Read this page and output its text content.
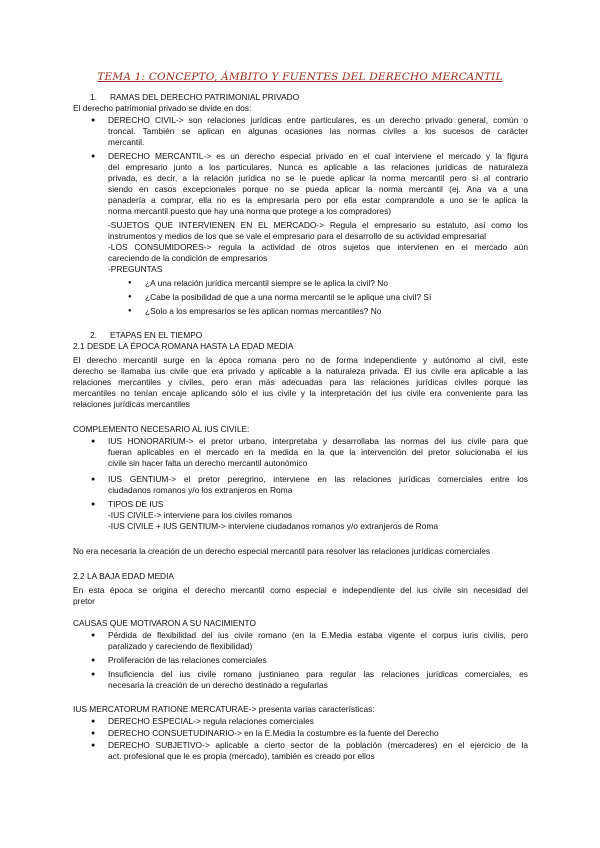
TEMA 1: CONCEPTO, ÁMBITO Y FUENTES DEL DERECHO MERCANTIL
1. RAMAS DEL DERECHO PATRIMONIAL PRIVADO
El derecho patrimonial privado se divide en dos:
● DERECHO CIVIL-> son relaciones jurídicas entre particulares, es un derecho privado general, común o
troncal. También se aplican en algunas ocasiones las normas civiles a los sucesos de carácter
mercantil.
● DERECHO MERCANTIL-> es un derecho especial privado en el cual interviene el mercado y la figura
del empresario junto a los particulares. Nunca es aplicable a las relaciones jurídicas de naturaleza
privada, es decir, a la relación jurídica no se le puede aplicar la norma mercantil pero sí al contrario
siendo en casos excepcionales porque no se pueda aplicar la norma mercantil (ej. Ana va a una
panadería a comprar, ella no es la empresaria pero por ella estar comprandole a uno se le aplica la
norma mercantil puesto que hay una norma que protege a los compradores)
-SUJETOS QUE INTERVIENEN EN EL MERCADO-> Regula el empresario su estatuto, así como los
instrumentos y medios de los que se vale el empresario para el desarrollo de su actividad empresarial
-LOS CONSUMIDORES-> regula la actividad de otros sujetos que intervienen en el mercado aún
careciendo de la condición de empresarios
-PREGUNTAS
● ¿A una relación jurídica mercantil siempre se le aplica la civil? No
● ¿Cabe la posibilidad de que a una norma mercantil se le aplique una civil? Sí
● ¿Solo a los empresarios se les aplican normas mercantiles? No
2. ETAPAS EN EL TIEMPO
2.1 DESDE LA ÉPOCA ROMANA HASTA LA EDAD MEDIA
El derecho mercantil surge en la época romana pero no de forma independiente y autónomo al civil, este
derecho se llamaba ius civile que era privado y aplicable a la naturaleza privada. El ius civile era aplicable a las
relaciones mercantiles y civiles, pero eran más adecuadas para las relaciones jurídicas civiles porque las
mercantiles no tenían encaje aplicando sólo el ius civile y la interpretación del ius civile era conveniente para las
relaciones jurídicas mercantiles
COMPLEMENTO NECESARIO AL IUS CIVILE:
● IUS HONORARIUM-> el pretor urbano, interpretaba y desarrollaba las normas del ius civile para que
fueran aplicables en el mercado en la medida en la que la intervención del pretor solucionaba el ius
civile sin hacer falta un derecho mercantil autonómico
● IUS GENTIUM-> el pretor peregrino, interviene en las relaciones jurídicas comerciales entre los
ciudadanos romanos y/o los extranjeros en Roma
● TIPOS DE IUS
-IUS CIVILE-> interviene para los civiles romanos
-IUS CIVILE + IUS GENTIUM-> interviene ciudadanos romanos y/o extranjeros de Roma
No era necesaria la creación de un derecho especial mercantil para resolver las relaciones jurídicas comerciales
2.2 LA BAJA EDAD MEDIA
En esta época se origina el derecho mercantil como especial e independiente del ius civile sin necesidad del
pretor
CAUSAS QUE MOTIVARON A SU NACIMIENTO
● Pérdida de flexibilidad del ius civile romano (en la E.Media estaba vigente el corpus iuris civilis, pero
paralizado y careciendo de flexibilidad)
● Proliferación de las relaciones comerciales
● Insuficiencia del ius civile romano justinianeo para regular las relaciones jurídicas comerciales, es
necesaria la creación de un derecho destinado a regularlas
IUS MERCATORUM RATIONE MERCATURAE-> presenta varias características:
● DERECHO ESPECIAL-> regula relaciones comerciales
● DERECHO CONSUETUDINARIO-> en la E.Media la costumbre es la fuente del Derecho
● DERECHO SUBJETIVO-> aplicable a cierto sector de la población (mercaderes) en el ejercicio de la
act. profesional que le es propia (mercado), también es creado por ellos
